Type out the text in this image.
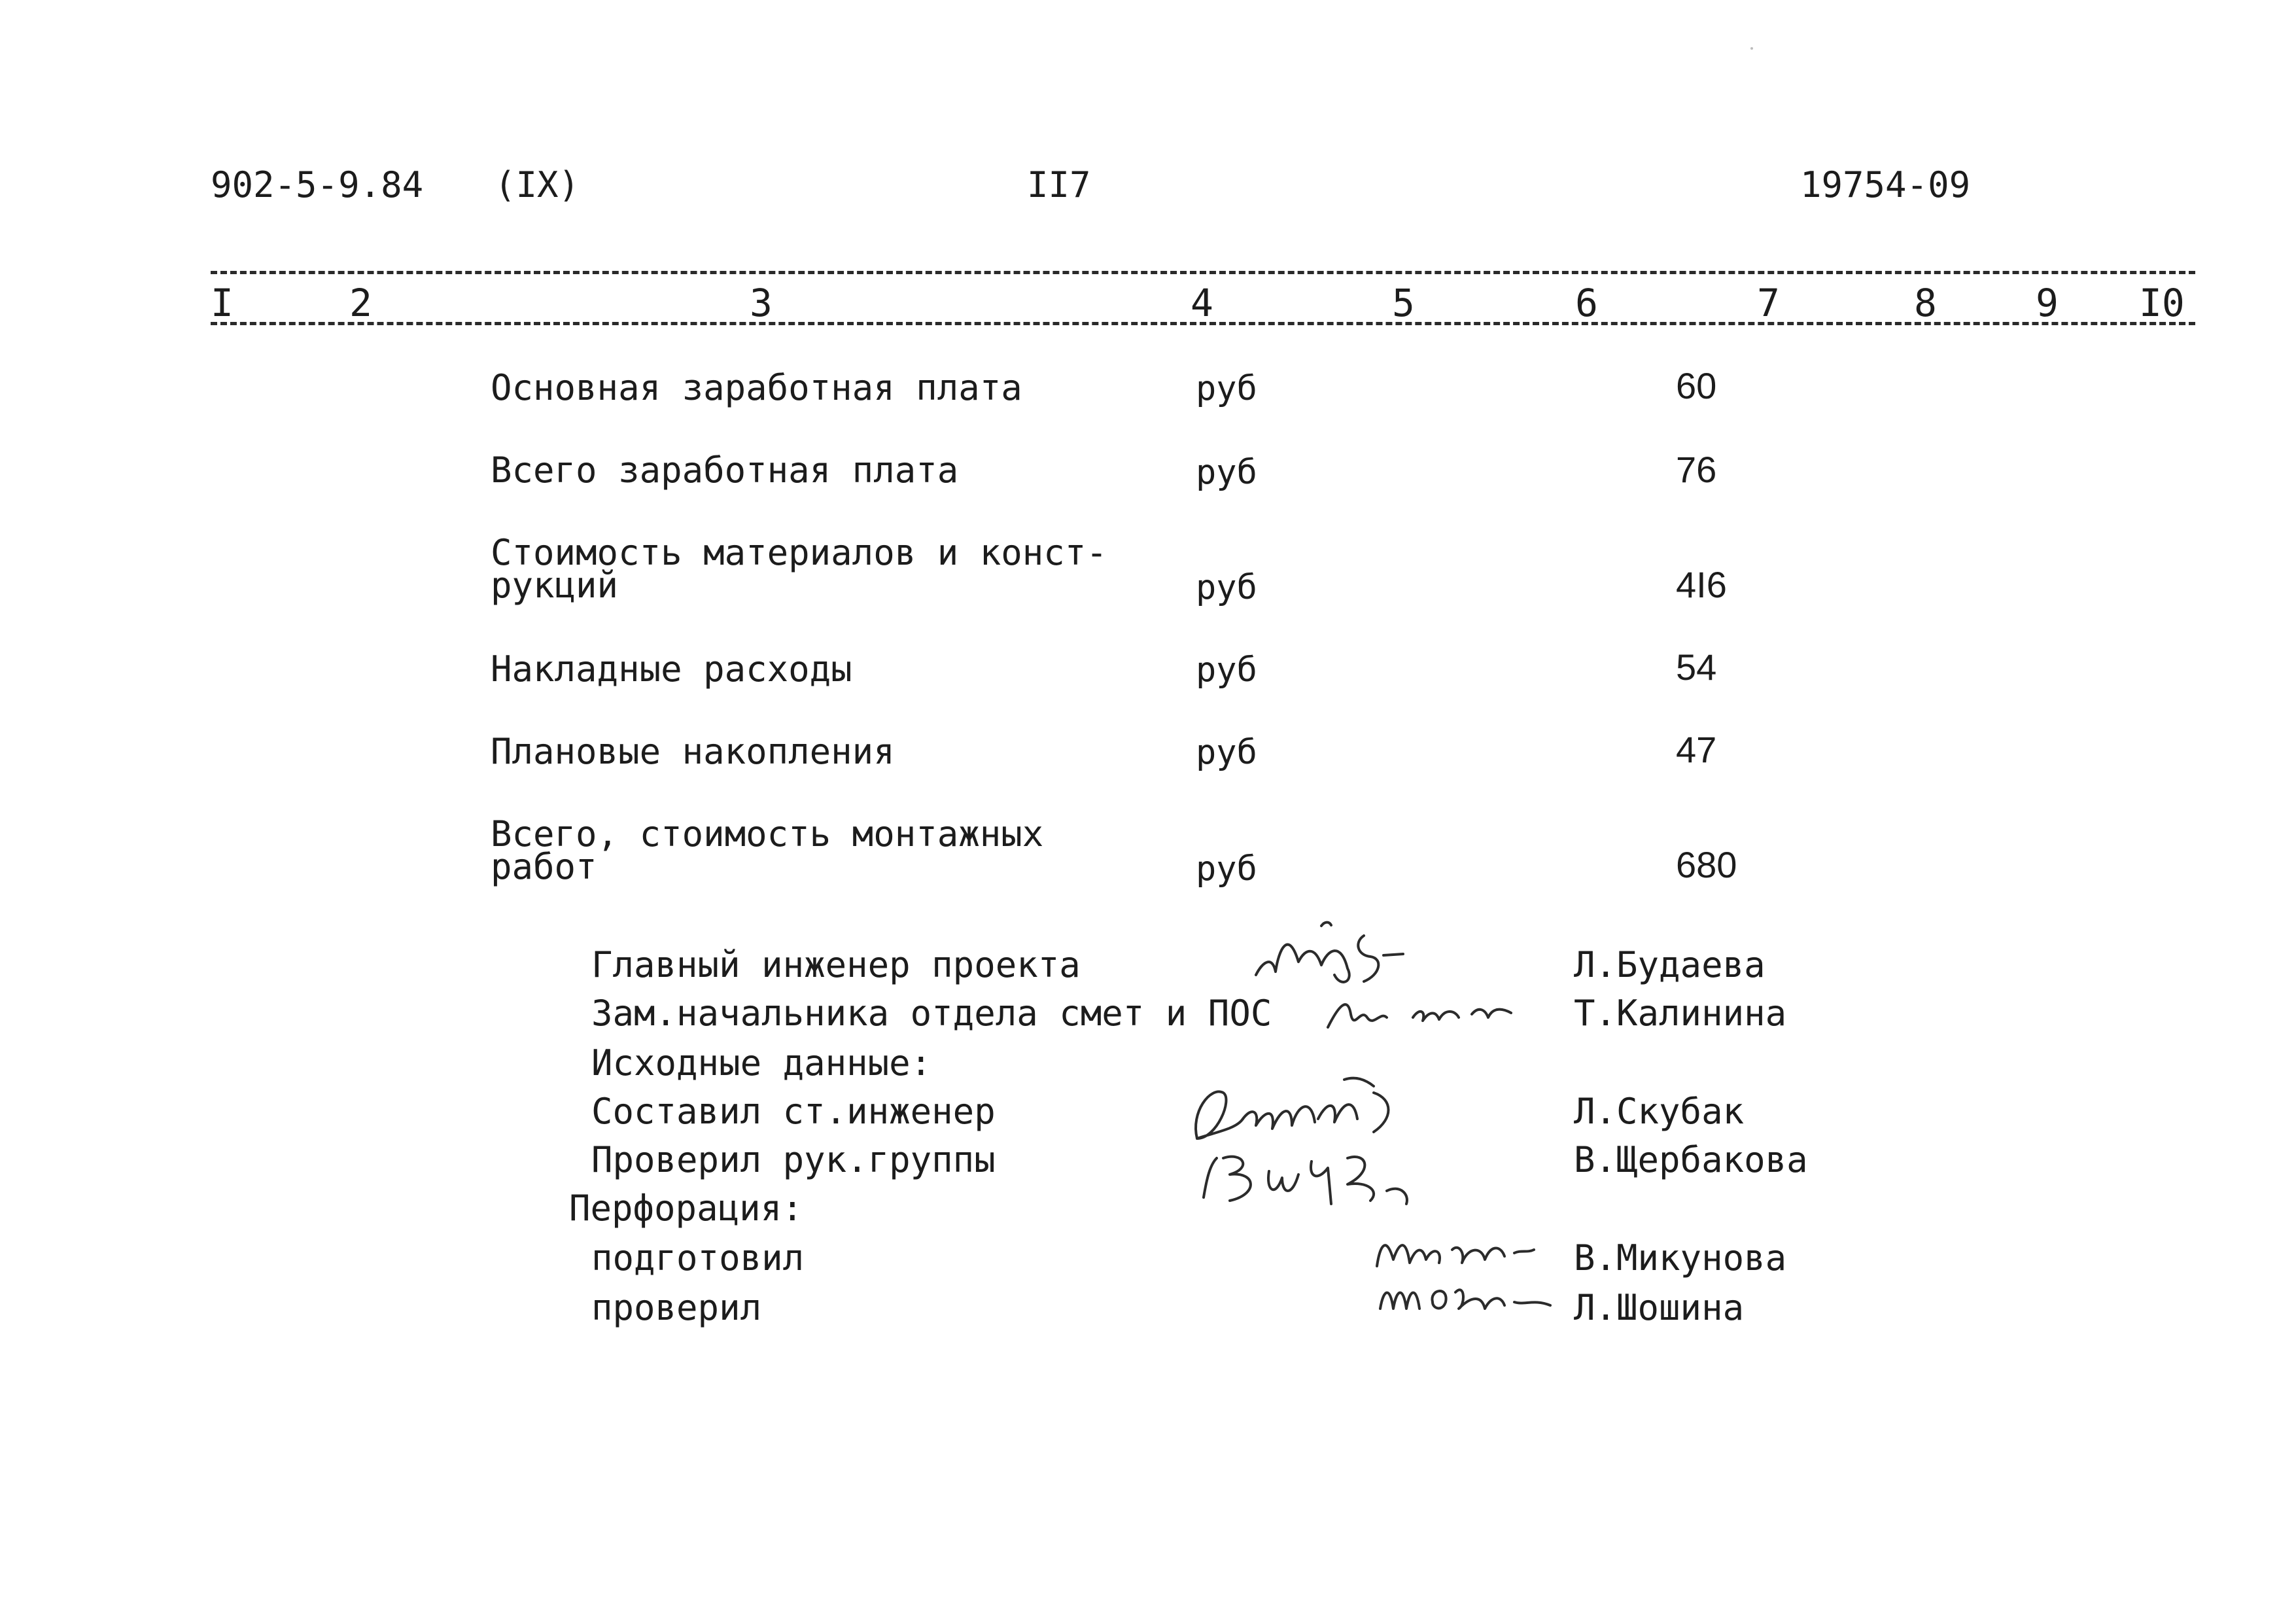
902-5-9.84 (IX)	II7	19754-09
I	2	3	4	5	6	7	8	9 I0
Основная заработная плата	руб	60
Всего заработная плата	руб	76
Стоимость материалов и конст-
рукций	руб	4I6
Накладные расходы	руб	54
Плановые накопления	руб	47
Всего, стоимость монтажных
работ	руб	680
Главный инженер проекта	Л.Будаева
Зам.начальника отдела смет и ПОС	Т.Калинина
Исходные данные:
Составил ст.инженер	Л.Скубак
Проверил рук.группы	В.Щербакова
Перфорация:
подготовил	В.Микунова
проверил	Л.Шошина
